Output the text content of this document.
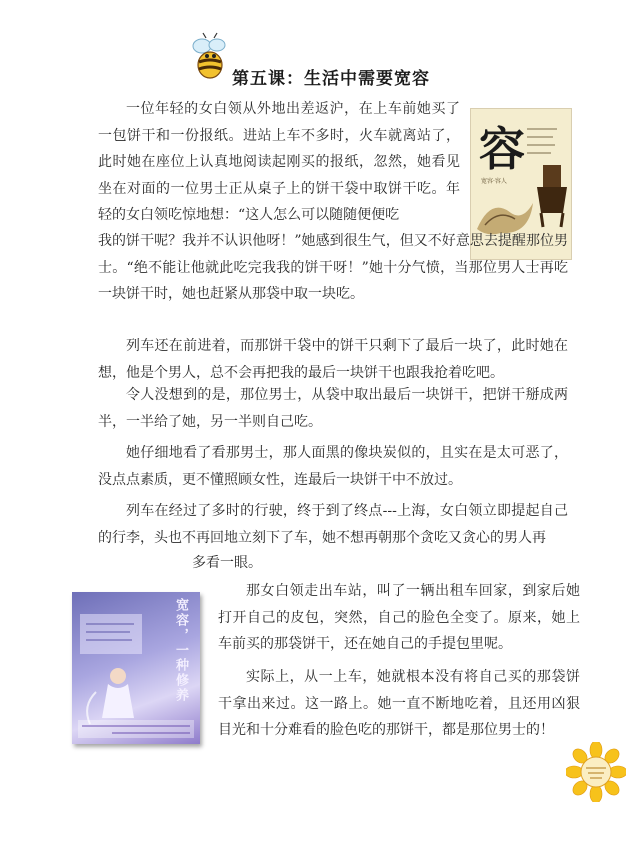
第五课：生活中需要宽容
容
宽容·容人

一位年轻的女白领从外地出差返沪，在上车前她买了一包饼干和一份报纸。进站上车不多时，火车就离站了，此时她在座位上认真地阅读起刚买的报纸，忽然，她看见坐在对面的一位男士正从桌子上的饼干袋中取饼干吃。年轻的女白领吃惊地想：“这人怎么可以随随便便吃

我的饼干呢？我并不认识他呀！”她感到很生气，但又不好意思去提醒那位男士。“绝不能让他就此吃完我我的饼干呀！”她十分气愤，当那位男人士再吃一块饼干时，她也赶紧从那袋中取一块吃。

列车还在前进着，而那饼干袋中的饼干只剩下了最后一块了，此时她在想，他是个男人，总不会再把我的最后一块饼干也跟我抢着吃吧。

令人没想到的是，那位男士，从袋中取出最后一块饼干，把饼干掰成两半，一半给了她，另一半则自己吃。

她仔细地看了看那男士，那人面黑的像块炭似的，且实在是太可恶了，没点点素质，更不懂照顾女性，连最后一块饼干中不放过。

列车在经过了多时的行驶，终于到了终点---上海，女白领立即提起自己的行李，头也不再回地立刻下了车，她不想再朝那个贪吃又贪心的男人再

多看一眼。

宽容，一种修养

那女白领走出车站，叫了一辆出租车回家，到家后她打开自己的皮包，突然，自己的脸色全变了。原来，她上车前买的那袋饼干，还在她自己的手提包里呢。

实际上，从一上车，她就根本没有将自己买的那袋饼干拿出来过。这一路上。她一直不断地吃着，且还用凶狠目光和十分难看的脸色吃的那饼干，都是那位男士的！
